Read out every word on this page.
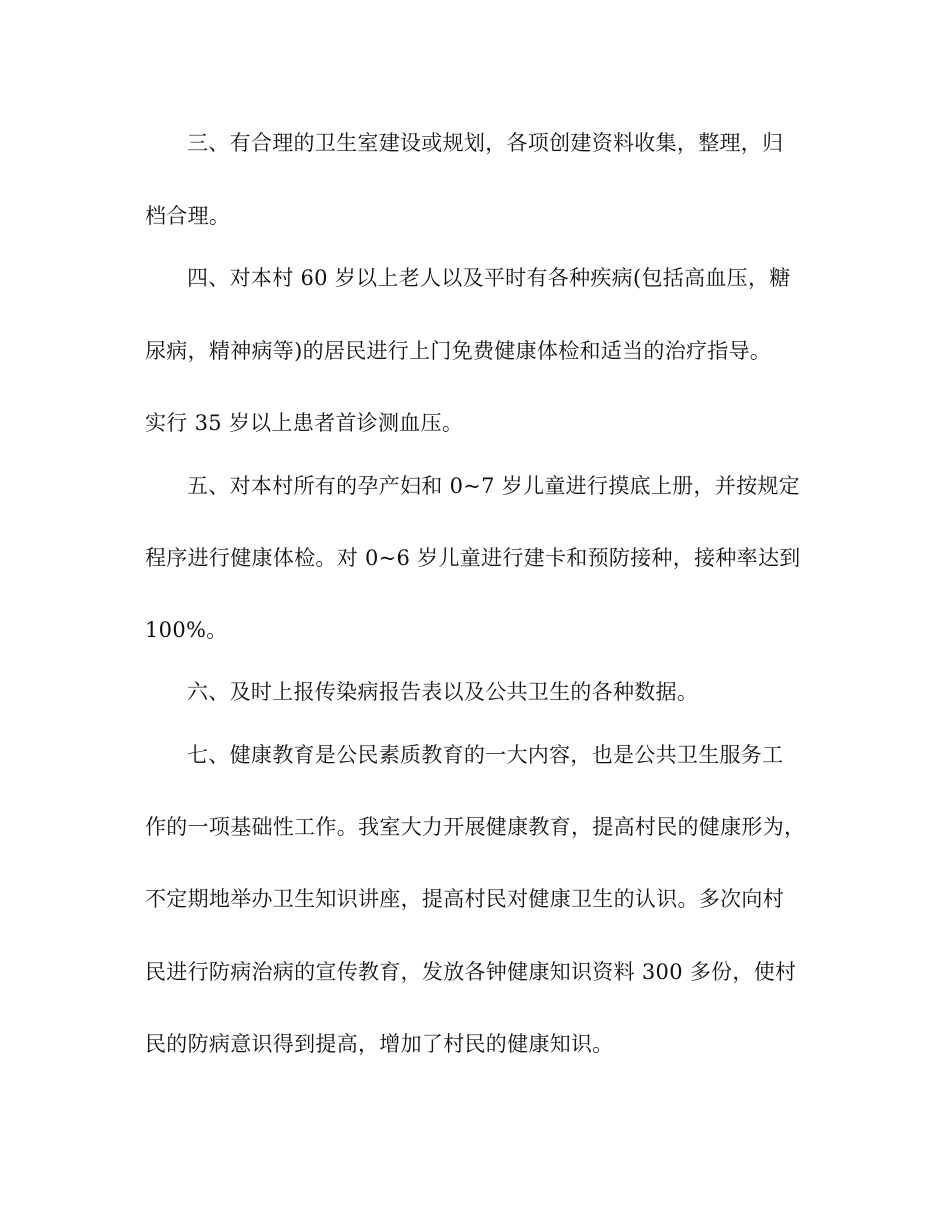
三、有合理的卫生室建设或规划，各项创建资料收集，整理，归
档合理。
四、对本村 60 岁以上老人以及平时有各种疾病(包括高血压，糖
尿病，精神病等)的居民进行上门免费健康体检和适当的治疗指导。
实行 35 岁以上患者首诊测血压。
五、对本村所有的孕产妇和 0~7 岁儿童进行摸底上册，并按规定
程序进行健康体检。对 0~6 岁儿童进行建卡和预防接种，接种率达到
100%。
六、及时上报传染病报告表以及公共卫生的各种数据。
七、健康教育是公民素质教育的一大内容，也是公共卫生服务工
作的一项基础性工作。我室大力开展健康教育，提高村民的健康形为，
不定期地举办卫生知识讲座，提高村民对健康卫生的认识。多次向村
民进行防病治病的宣传教育，发放各钟健康知识资料 300 多份，使村
民的防病意识得到提高，增加了村民的健康知识。
